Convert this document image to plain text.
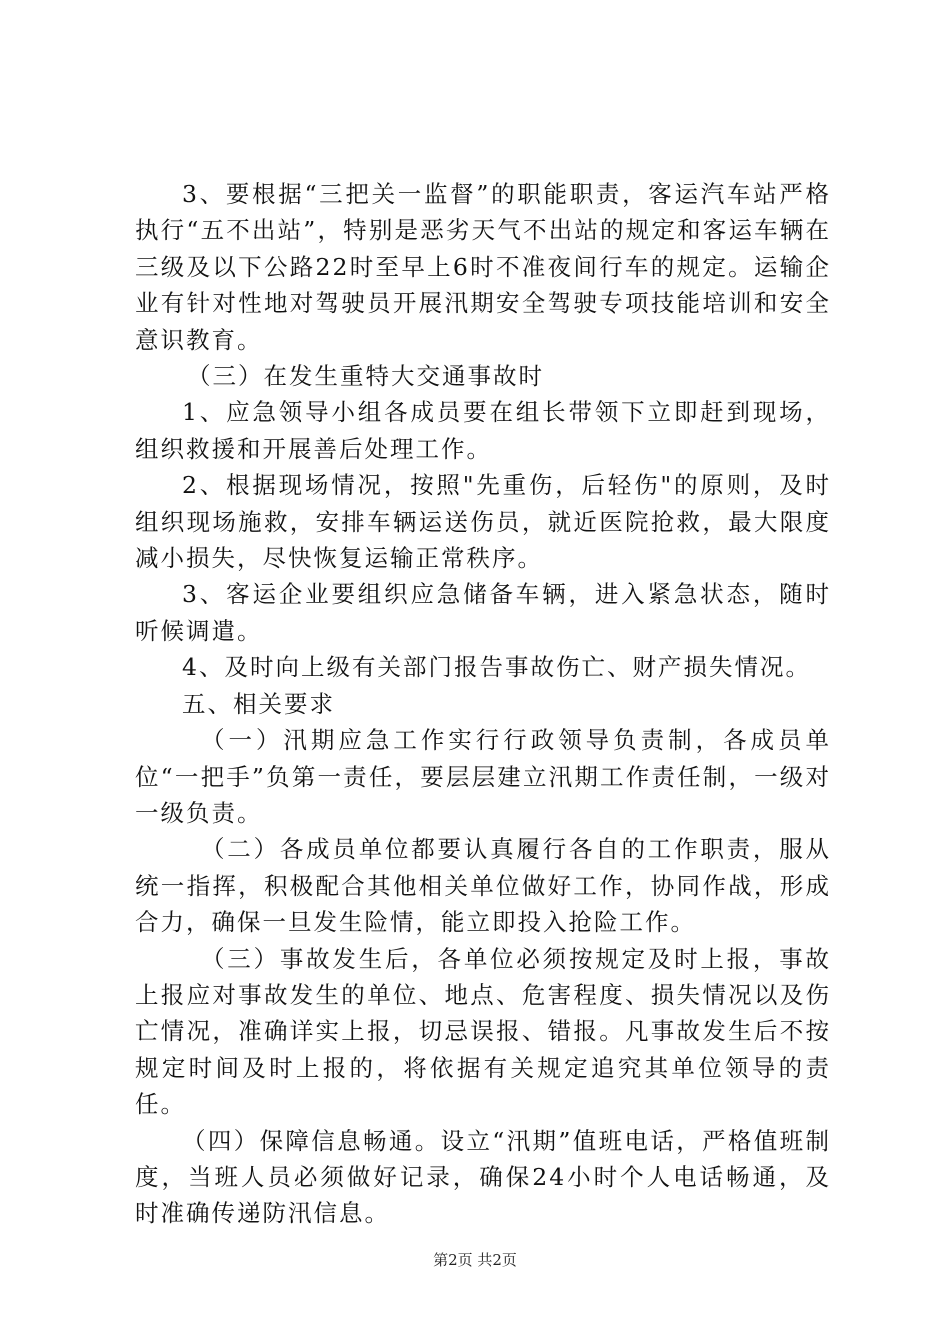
3、要根据“三把关一监督”的职能职责，客运汽车站严格执行“五不出站”，特别是恶劣天气不出站的规定和客运车辆在三级及以下公路22时至早上6时不准夜间行车的规定。运输企业有针对性地对驾驶员开展汛期安全驾驶专项技能培训和安全意识教育。

（三）在发生重特大交通事故时

1、应急领导小组各成员要在组长带领下立即赶到现场，组织救援和开展善后处理工作。

2、根据现场情况，按照"先重伤，后轻伤"的原则，及时组织现场施救，安排车辆运送伤员，就近医院抢救，最大限度减小损失，尽快恢复运输正常秩序。

3、客运企业要组织应急储备车辆，进入紧急状态，随时听候调遣。

4、及时向上级有关部门报告事故伤亡、财产损失情况。

五、相关要求

（一）汛期应急工作实行行政领导负责制，各成员单位“一把手”负第一责任，要层层建立汛期工作责任制，一级对一级负责。

（二）各成员单位都要认真履行各自的工作职责，服从统一指挥，积极配合其他相关单位做好工作，协同作战，形成合力，确保一旦发生险情，能立即投入抢险工作。

（三）事故发生后，各单位必须按规定及时上报，事故上报应对事故发生的单位、地点、危害程度、损失情况以及伤亡情况，准确详实上报，切忌误报、错报。凡事故发生后不按规定时间及时上报的，将依据有关规定追究其单位领导的责任。

（四）保障信息畅通。设立“汛期”值班电话，严格值班制度，当班人员必须做好记录，确保24小时个人电话畅通，及时准确传递防汛信息。

第2页 共2页
